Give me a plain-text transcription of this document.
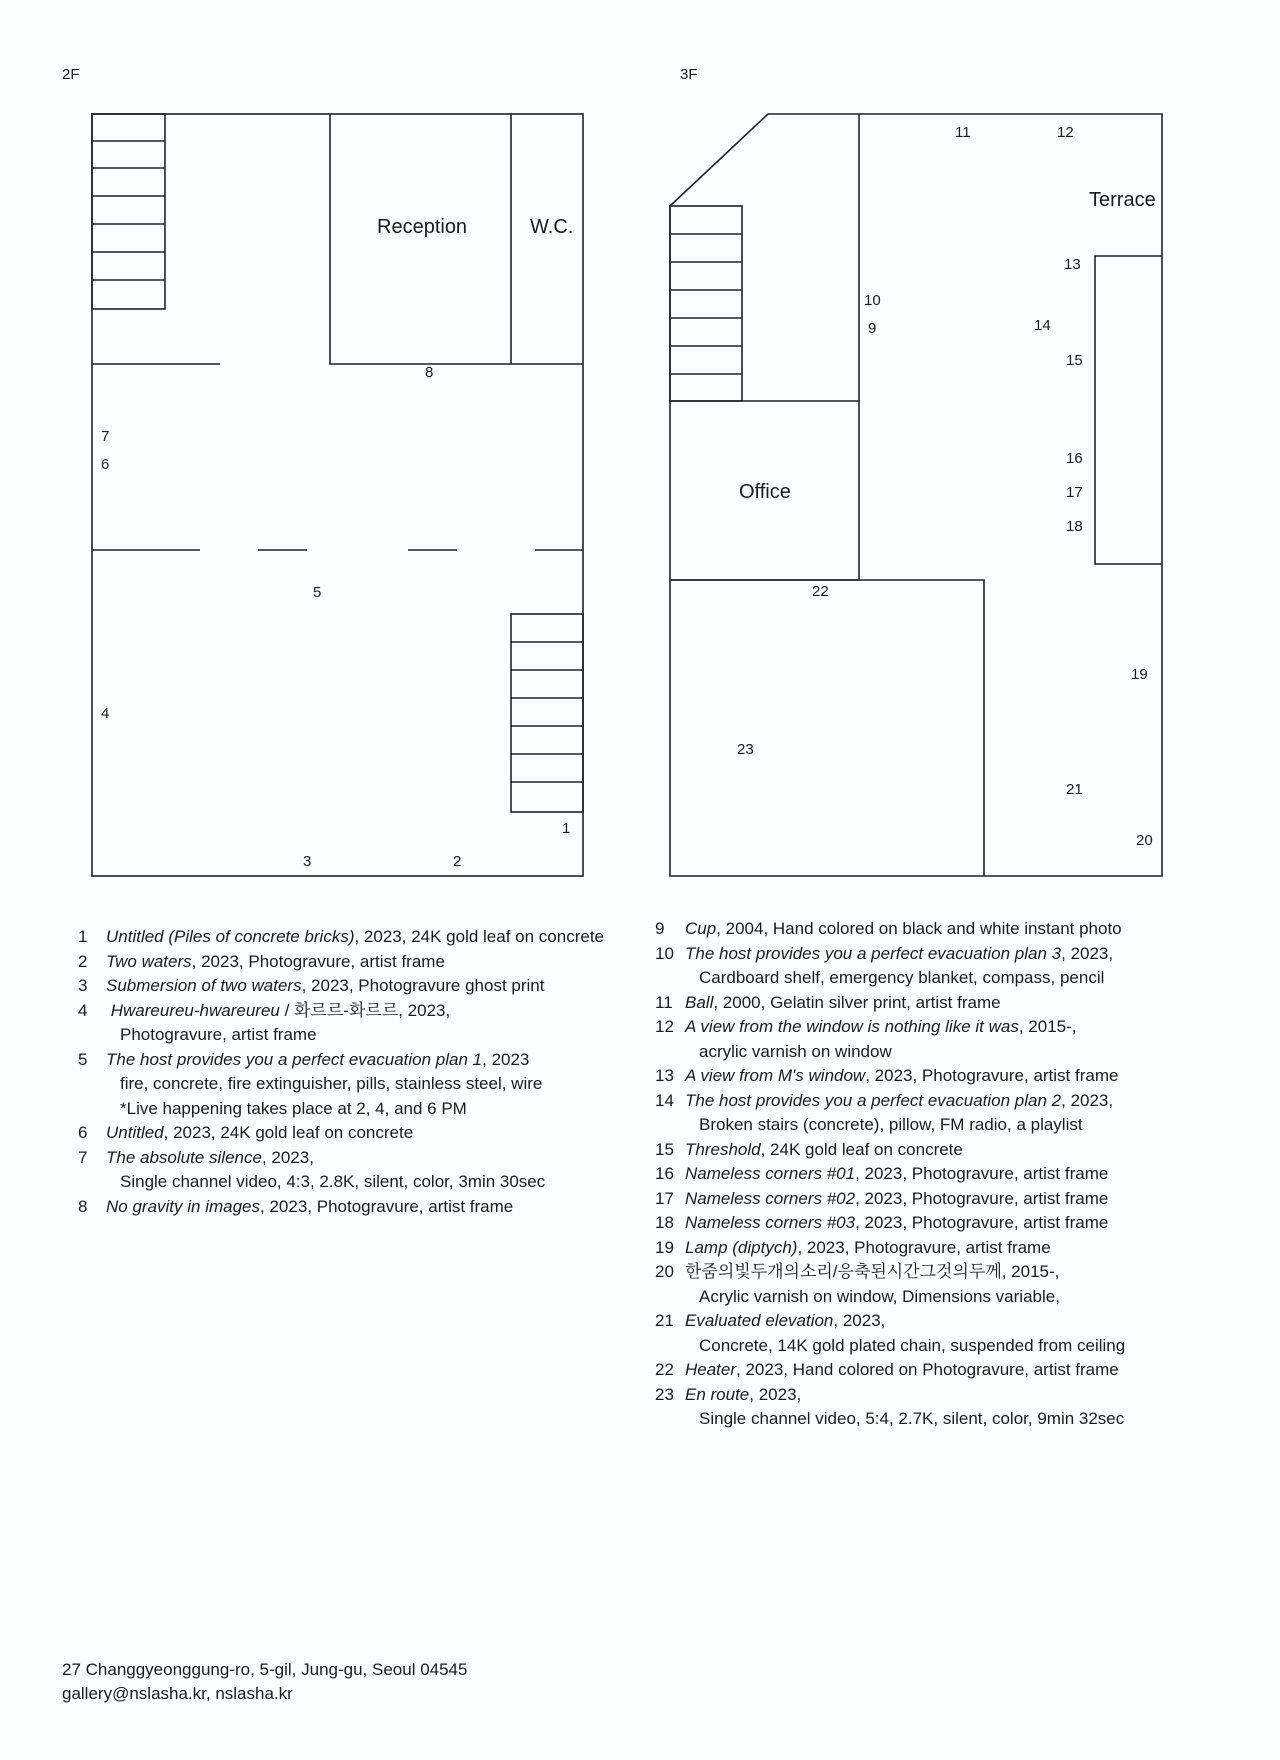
2F	3F
Reception	W.C.
Terrace
Office
1
2
3
4
5
6
7
8
9
10
11	12
13
14
15
16
17
18
19
20
21
22
23
1 Untitled (Piles of concrete bricks), 2023, 24K gold leaf on concrete
2 Two waters, 2023, Photogravure, artist frame
3 Submersion of two waters, 2023, Photogravure ghost print
4 Hwareureu-hwareureu / 화르르-화르르, 2023,
Photogravure, artist frame
5 The host provides you a perfect evacuation plan 1, 2023
fire, concrete, fire extinguisher, pills, stainless steel, wire
*Live happening takes place at 2, 4, and 6 PM
6 Untitled, 2023, 24K gold leaf on concrete
7 The absolute silence, 2023,
Single channel video, 4:3, 2.8K, silent, color, 3min 30sec
8 No gravity in images, 2023, Photogravure, artist frame
9 Cup, 2004, Hand colored on black and white instant photo
10 The host provides you a perfect evacuation plan 3, 2023,
Cardboard shelf, emergency blanket, compass, pencil
11 Ball, 2000, Gelatin silver print, artist frame
12 A view from the window is nothing like it was, 2015-,
acrylic varnish on window
13 A view from M's window, 2023, Photogravure, artist frame
14 The host provides you a perfect evacuation plan 2, 2023,
Broken stairs (concrete), pillow, FM radio, a playlist
15 Threshold, 24K gold leaf on concrete
16 Nameless corners #01, 2023, Photogravure, artist frame
17 Nameless corners #02, 2023, Photogravure, artist frame
18 Nameless corners #03, 2023, Photogravure, artist frame
19 Lamp (diptych), 2023, Photogravure, artist frame
20 한줌의빛두개의소리/응축된시간그것의두께, 2015-,
Acrylic varnish on window, Dimensions variable,
21 Evaluated elevation, 2023,
Concrete, 14K gold plated chain, suspended from ceiling
22 Heater, 2023, Hand colored on Photogravure, artist frame
23 En route, 2023,
Single channel video, 5:4, 2.7K, silent, color, 9min 32sec
27 Changgyeonggung-ro, 5-gil, Jung-gu, Seoul 04545
gallery@nslasha.kr, nslasha.kr
